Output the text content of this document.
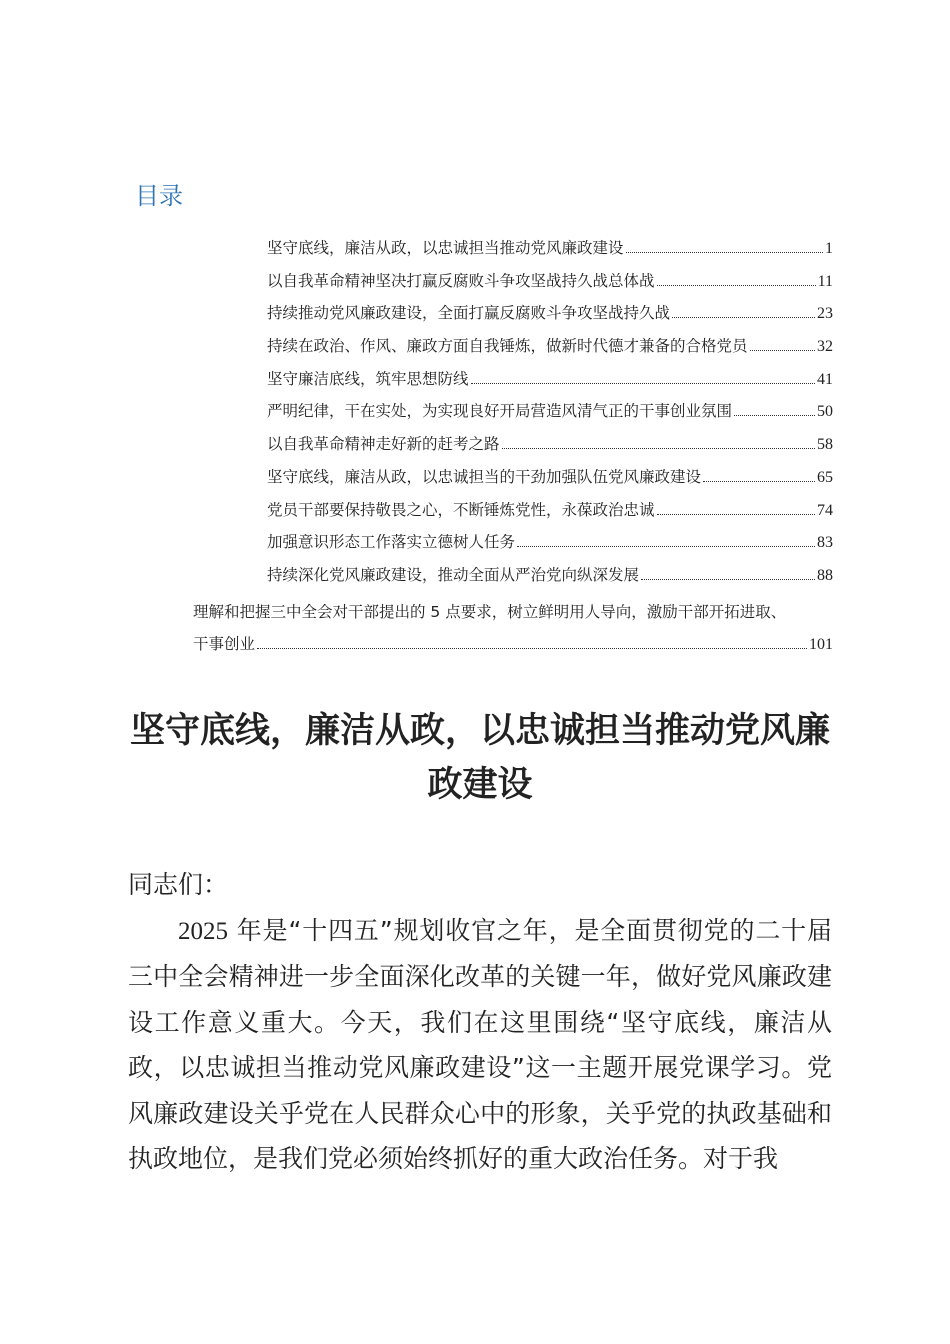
目录
坚守底线，廉洁从政，以忠诚担当推动党风廉政建设	1
以自我革命精神坚决打赢反腐败斗争攻坚战持久战总体战	11
持续推动党风廉政建设，全面打赢反腐败斗争攻坚战持久战	23
持续在政治、作风、廉政方面自我锤炼，做新时代德才兼备的合格党员	32
坚守廉洁底线，筑牢思想防线	41
严明纪律，干在实处，为实现良好开局营造风清气正的干事创业氛围	50
以自我革命精神走好新的赶考之路	58
坚守底线，廉洁从政，以忠诚担当的干劲加强队伍党风廉政建设	65
党员干部要保持敬畏之心，不断锤炼党性，永葆政治忠诚	74
加强意识形态工作落实立德树人任务	83
持续深化党风廉政建设，推动全面从严治党向纵深发展	88
理解和把握三中全会对干部提出的 5 点要求，树立鲜明用人导向，激励干部开拓进取、
干事创业	101
坚守底线，廉洁从政，以忠诚担当推动党风廉政建设

同志们：

2025 年是“十四五”规划收官之年，是全面贯彻党的二十届三中全会精神进一步全面深化改革的关键一年，做好党风廉政建设工作意义重大。今天，我们在这里围绕“坚守底线，廉洁从政，以忠诚担当推动党风廉政建设”这一主题开展党课学习。党风廉政建设关乎党在人民群众心中的形象，关乎党的执政基础和执政地位，是我们党必须始终抓好的重大政治任务。对于我
